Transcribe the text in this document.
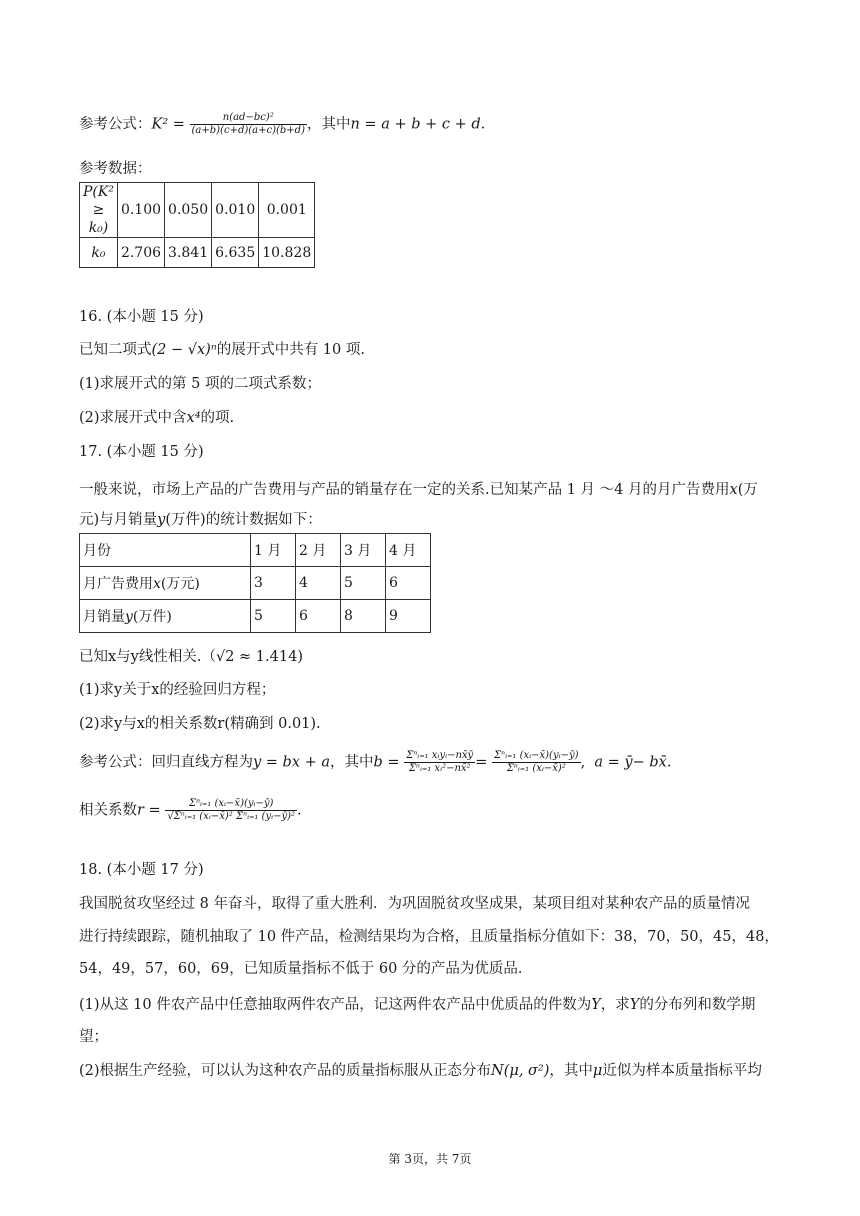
参考公式：$K^2 = \frac{\text{n(ad−bc)²}}{(a+b)(c+d)(a+c)(b+d)}$ ，其中n = a + b + c + d.
参考数据：
P(K²
≥ k₀)	0.100	0.050	0.010	0.001
k₀	2.706	3.841	6.635	10.828
16. (本小题 15 分)
已知二项式(2 − √x)ⁿ的展开式中共有 10 项.
(1)求展开式的第 5 项的二项式系数；
(2)求展开式中含x⁴的项.
17. (本小题 15 分)
一般来说，市场上产品的广告费用与产品的销量存在一定的关系.已知某产品 1 月 ～4 月的月广告费用x(万
元)与月销量y(万件)的统计数据如下：
月份	1 月	2 月	3 月	4 月
月广告费用x(万元)	3	4	5	6
月销量y(万件)	5	6	8	9
已知x与y线性相关.（√2 ≈ 1.414)
(1)求y关于x的经验回归方程；
(2)求y与x的相关系数r(精确到 0.01).
参考公式：回归直线方程为y = bx + a，其中$b = \frac{\text{Σⁿᵢ₌₁ xᵢyᵢ−nx̄ȳ}}{\text{Σⁿᵢ₌₁ xᵢ²−nx̄²}} = \frac{\text{Σⁿᵢ₌₁ (xᵢ−x̄)(yᵢ−ȳ)}}{\text{Σⁿᵢ₌₁ (xᵢ−x̄)²}}$ ,  a = ȳ− bx̄.
相关系数$r = \frac{\text{Σⁿᵢ₌₁ (xᵢ−x̄)(yᵢ−ȳ)}}{\text{√Σⁿᵢ₌₁ (xᵢ−x̄)² Σⁿᵢ₌₁ (yᵢ−ȳ)²}}$ .
18. (本小题 17 分)
我国脱贫攻坚经过 8 年奋斗，取得了重大胜利．为巩固脱贫攻坚成果，某项目组对某种农产品的质量情况
进行持续跟踪，随机抽取了 10 件产品，检测结果均为合格，且质量指标分值如下：38，70，50，45，48，
54，49，57，60，69，已知质量指标不低于 60 分的产品为优质品．
(1)从这 10 件农产品中任意抽取两件农产品，记这两件农产品中优质品的件数为Y，求Y的分布列和数学期
望；
(2)根据生产经验，可以认为这种农产品的质量指标服从正态分布N(μ, σ²)，其中μ近似为样本质量指标平均
第 3页，共 7页
